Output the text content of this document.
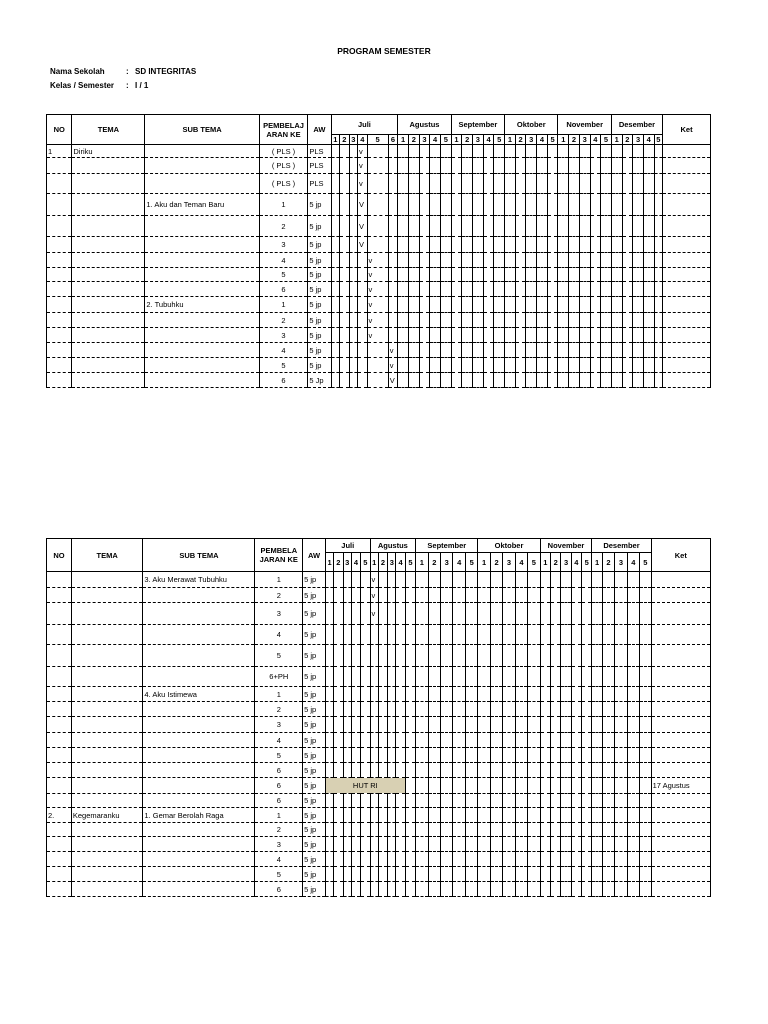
PROGRAM SEMESTER
Nama Sekolah	: SD INTEGRITAS
Kelas / Semester : I / 1
NO	TEMA	SUB TEMA	PEMBELAJ ARAN KE	AW	Juli						Agustus					September					Oktober					November					Desember					Ket
					1	2	3	4	5	6	1	2	3	4	5	1	2	3	4	5	1	2	3	4	5	1	2	3	4	5	1	2	3	4	5	
1	Diriku		( PLS )	PLS				v																												
			( PLS )	PLS				v																												
			( PLS )	PLS				v																												
		1. Aku dan Teman Baru	1	5 jp				V																												
			2	5 jp				V																												
			3	5 jp				V																												
			4	5 jp					v																											
			5	5 jp					v																											
			6	5 jp					v																											
		2. Tubuhku	1	5 jp					v																											
			2	5 jp					v																											
			3	5 jp					v																											
			4	5 jp						v																										
			5	5 jp						v																										
			6	5 Jp						V																										
NO	TEMA	SUB TEMA	PEMBELA JARAN KE	AW	Juli					Agustus					September					Oktober					November					Desember					Ket
					1	2	3	4	5	1	2	3	4	5	1	2	3	4	5	1	2	3	4	5	1	2	3	4	5	1	2	3	4	5	
		3. Aku Merawat Tubuhku	1	5 jp						v																									
			2	5 jp						v																									
			3	5 jp						v																									
			4	5 jp																															
			5	5 jp																															
			6+PH	5 jp																															
		4. Aku Istimewa	1	5 jp																															
			2	5 jp																															
			3	5 jp																															
			4	5 jp																															
			5	5 jp																															
			6	5 jp																															
			6	5 jp	HUT RI																														17 Agustus
			6	5 jp																															
2.	Kegemaranku	1. Gemar Berolah Raga	1	5 jp																															
			2	5 jp																															
			3	5 jp																															
			4	5 jp																															
			5	5 jp																															
			6	5 jp																															
